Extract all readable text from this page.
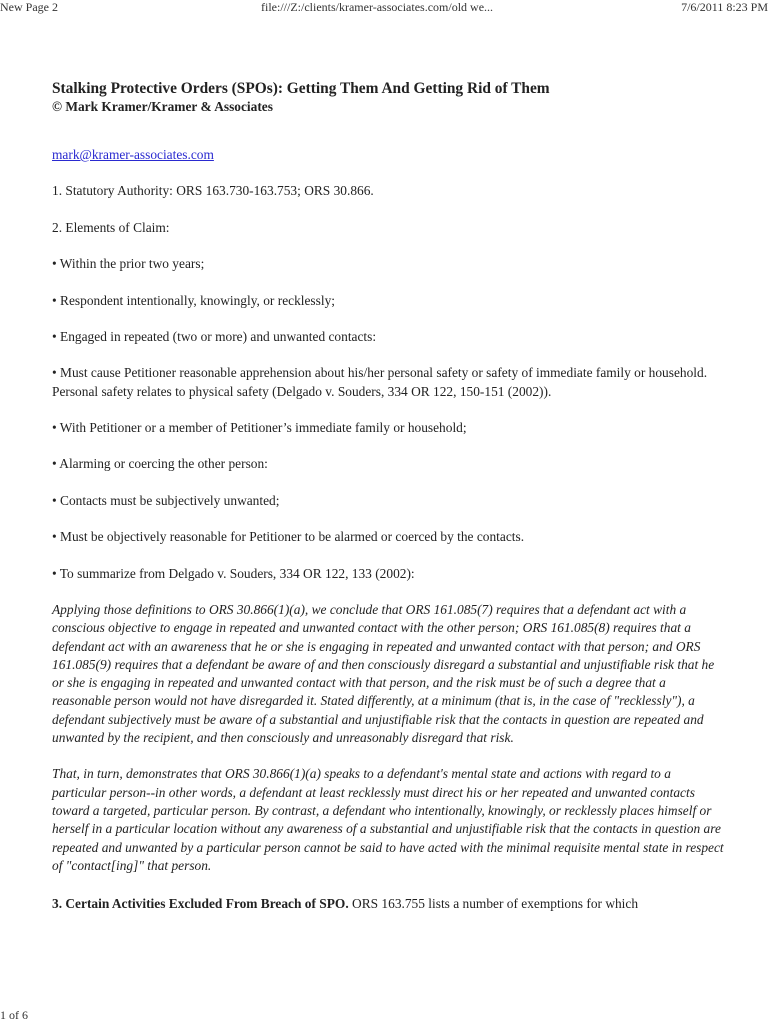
New Page 2	file:///Z:/clients/kramer-associates.com/old we...	7/6/2011 8:23 PM

Stalking Protective Orders (SPOs): Getting Them And Getting Rid of Them

© Mark Kramer/Kramer & Associates

mark@kramer-associates.com

1. Statutory Authority: ORS 163.730-163.753; ORS 30.866.

2. Elements of Claim:

• Within the prior two years;

• Respondent intentionally, knowingly, or recklessly;

• Engaged in repeated (two or more) and unwanted contacts:

• Must cause Petitioner reasonable apprehension about his/her personal safety or safety of immediate family or household. Personal safety relates to physical safety (Delgado v. Souders, 334 OR 122, 150-151 (2002)).

• With Petitioner or a member of Petitioner’s immediate family or household;

• Alarming or coercing the other person:

• Contacts must be subjectively unwanted;

• Must be objectively reasonable for Petitioner to be alarmed or coerced by the contacts.

• To summarize from Delgado v. Souders, 334 OR 122, 133 (2002):

Applying those definitions to ORS 30.866(1)(a), we conclude that ORS 161.085(7) requires that a defendant act with a conscious objective to engage in repeated and unwanted contact with the other person; ORS 161.085(8) requires that a defendant act with an awareness that he or she is engaging in repeated and unwanted contact with that person; and ORS 161.085(9) requires that a defendant be aware of and then consciously disregard a substantial and unjustifiable risk that he or she is engaging in repeated and unwanted contact with that person, and the risk must be of such a degree that a reasonable person would not have disregarded it. Stated differently, at a minimum (that is, in the case of "recklessly"), a defendant subjectively must be aware of a substantial and unjustifiable risk that the contacts in question are repeated and unwanted by the recipient, and then consciously and unreasonably disregard that risk.

That, in turn, demonstrates that ORS 30.866(1)(a) speaks to a defendant's mental state and actions with regard to a particular person--in other words, a defendant at least recklessly must direct his or her repeated and unwanted contacts toward a targeted, particular person. By contrast, a defendant who intentionally, knowingly, or recklessly places himself or herself in a particular location without any awareness of a substantial and unjustifiable risk that the contacts in question are repeated and unwanted by a particular person cannot be said to have acted with the minimal requisite mental state in respect of "contact[ing]" that person.

3. Certain Activities Excluded From Breach of SPO. ORS 163.755 lists a number of exemptions for which

1 of 6
